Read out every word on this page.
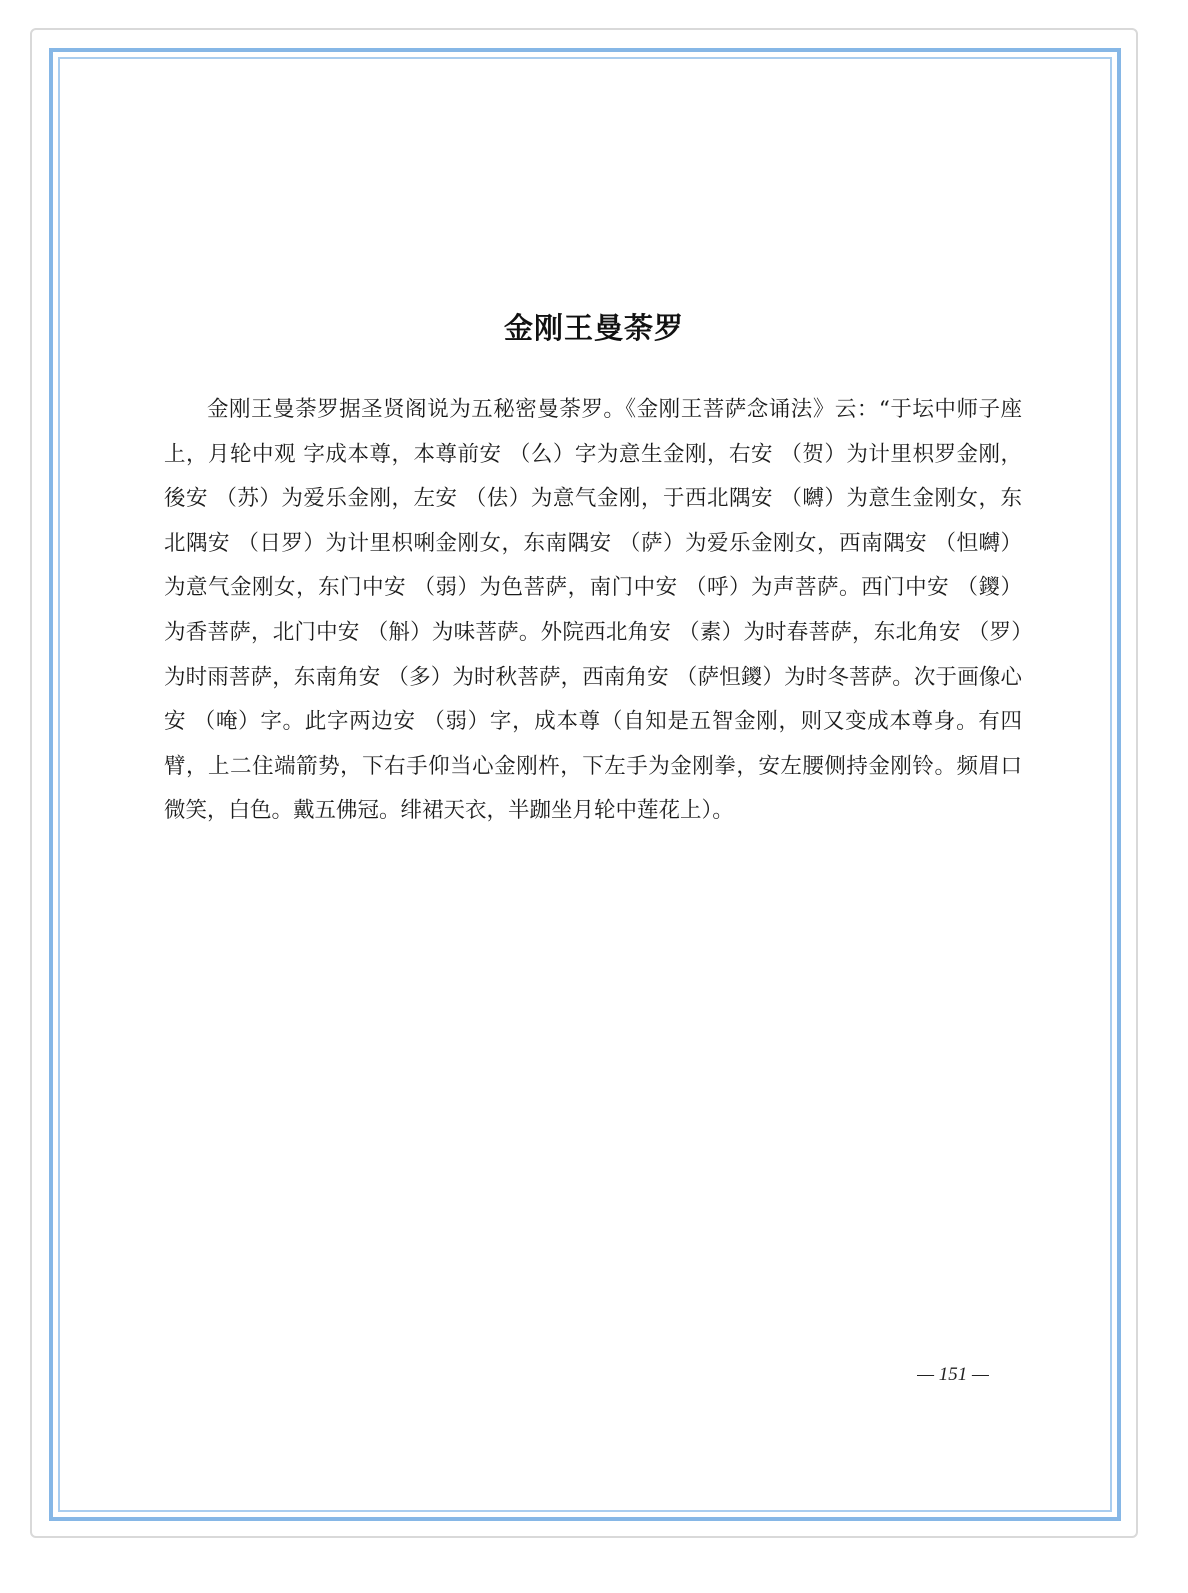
金刚王曼荼罗

金刚王曼荼罗据圣贤阁说为五秘密曼荼罗。《金刚王菩萨念诵法》云：“于坛中师子座上，月轮中观 字成本尊，本尊前安 （么）字为意生金刚，右安 （贺）为计里枳罗金刚，後安 （苏）为爱乐金刚，左安 （佉）为意气金刚，于西北隅安 （嚩）为意生金刚女，东北隅安 （日罗）为计里枳唎金刚女，东南隅安 （萨）为爱乐金刚女，西南隅安 （怛嚩）为意气金刚女，东门中安 （弱）为色菩萨，南门中安 （呼）为声菩萨。西门中安 （鑁）为香菩萨，北门中安 （斛）为味菩萨。外院西北角安 （素）为时春菩萨，东北角安 （罗）为时雨菩萨，东南角安 （多）为时秋菩萨，西南角安 （萨怛鑁）为时冬菩萨。次于画像心安 （唵）字。此字两边安 （弱）字，成本尊（自知是五智金刚，则又变成本尊身。有四臂，上二住端箭势，下右手仰当心金刚杵，下左手为金刚拳，安左腰侧持金刚铃。频眉口微笑，白色。戴五佛冠。绯裙天衣，半跏坐月轮中莲花上）。

— 151 —
